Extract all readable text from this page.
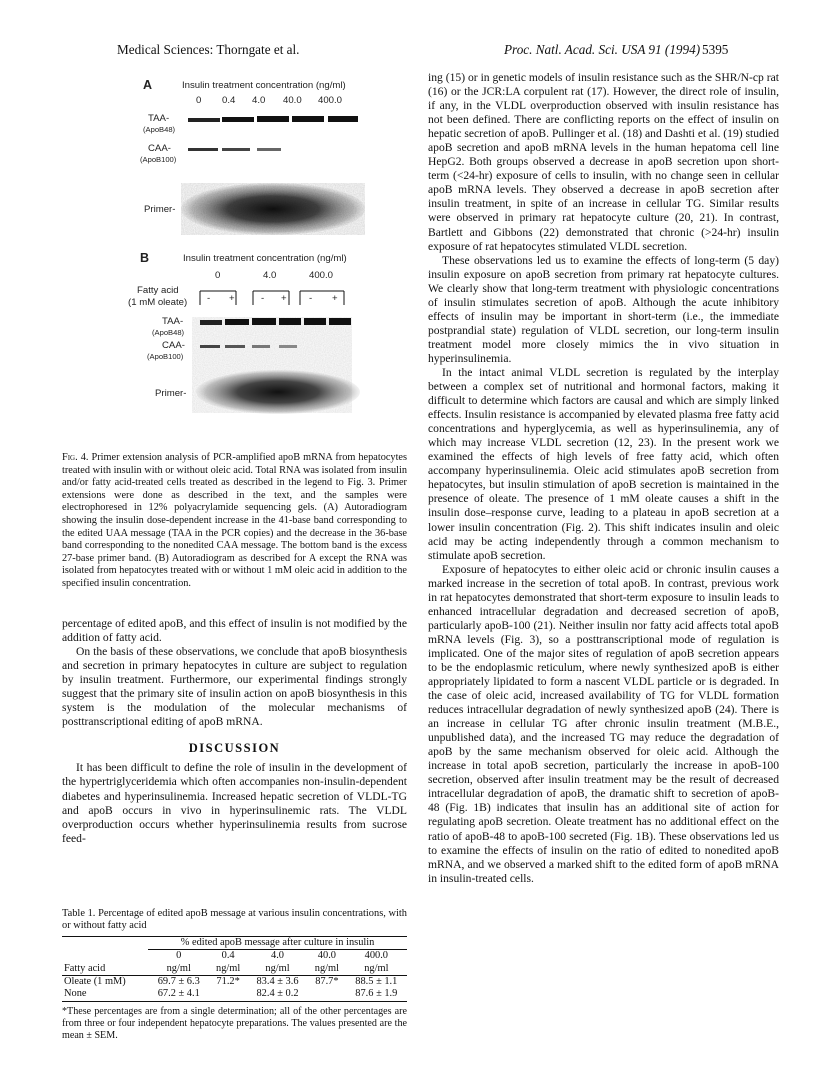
Medical Sciences: Thorngate et al.	Proc. Natl. Acad. Sci. USA 91 (1994) 5395
A	Insulin treatment concentration (ng/ml)
0 0.4 4.0 40.0 400.0
TAA-
(ApoB48)
CAA-
(ApoB100)
Primer-
B	Insulin treatment concentration (ng/ml)
0	4.0	400.0
Fatty acid
(1 mM oleate) - +	- + - +
TAA-
(ApoB48)
CAA-
(ApoB100)
Primer-
Fig. 4. Primer extension analysis of PCR-amplified apoB mRNA from hepatocytes treated with insulin with or without oleic acid. Total RNA was isolated from insulin and/or fatty acid-treated cells treated as described in the legend to Fig. 3. Primer extensions were done as described in the text, and the samples were electrophoresed in 12% polyacrylamide sequencing gels. (A) Autoradiogram showing the insulin dose-dependent increase in the 41-base band corresponding to the edited UAA message (TAA in the PCR copies) and the decrease in the 36-base band corresponding to the nonedited CAA message. The bottom band is the excess 27-base primer band. (B) Autoradiogram as described for A except the RNA was isolated from hepatocytes treated with or without 1 mM oleic acid in addition to the specified insulin concentration.

percentage of edited apoB, and this effect of insulin is not modified by the addition of fatty acid.

On the basis of these observations, we conclude that apoB biosynthesis and secretion in primary hepatocytes in culture are subject to regulation by insulin treatment. Furthermore, our experimental findings strongly suggest that the primary site of insulin action on apoB biosynthesis in this system is the modulation of the molecular mechanisms of posttranscriptional editing of apoB mRNA.

DISCUSSION

It has been difficult to define the role of insulin in the development of the hypertriglyceridemia which often accompanies non-insulin-dependent diabetes and hyperinsulinemia. Increased hepatic secretion of VLDL-TG and apoB occurs in vivo in hyperinsulinemic rats. The VLDL overproduction occurs whether hyperinsulinemia results from sucrose feed-

Table 1. Percentage of edited apoB message at various insulin concentrations, with or without fatty acid
	% edited apoB message after culture in insulin				
	0	0.4	4.0	40.0	400.0
Fatty acid	ng/ml	ng/ml	ng/ml	ng/ml	ng/ml
Oleate (1 mM)	69.7 ± 6.3	71.2*	83.4 ± 3.6	87.7*	88.5 ± 1.1
None	67.2 ± 4.1		82.4 ± 0.2		87.6 ± 1.9
*These percentages are from a single determination; all of the other percentages are from three or four independent hepatocyte preparations. The values presented are the mean ± SEM.

ing (15) or in genetic models of insulin resistance such as the SHR/N-cp rat (16) or the JCR:LA corpulent rat (17). However, the direct role of insulin, if any, in the VLDL overproduction observed with insulin resistance has not been defined. There are conflicting reports on the effect of insulin on hepatic secretion of apoB. Pullinger et al. (18) and Dashti et al. (19) studied apoB secretion and apoB mRNA levels in the human hepatoma cell line HepG2. Both groups observed a decrease in apoB secretion upon short-term (<24-hr) exposure of cells to insulin, with no change seen in cellular apoB mRNA levels. They observed a decrease in apoB secretion after insulin treatment, in spite of an increase in cellular TG. Similar results were observed in primary rat hepatocyte culture (20, 21). In contrast, Bartlett and Gibbons (22) demonstrated that chronic (>24-hr) insulin exposure of rat hepatocytes stimulated VLDL secretion.

These observations led us to examine the effects of long-term (5 day) insulin exposure on apoB secretion from primary rat hepatocyte cultures. We clearly show that long-term treatment with physiologic concentrations of insulin stimulates secretion of apoB. Although the acute inhibitory effects of insulin may be important in short-term (i.e., the immediate postprandial state) regulation of VLDL secretion, our long-term insulin treatment model more closely mimics the in vivo situation in hyperinsulinemia.

In the intact animal VLDL secretion is regulated by the interplay between a complex set of nutritional and hormonal factors, making it difficult to determine which factors are causal and which are simply linked effects. Insulin resistance is accompanied by elevated plasma free fatty acid concentrations and hyperglycemia, as well as hyperinsulinemia, any of which may increase VLDL secretion (12, 23). In the present work we examined the effects of high levels of free fatty acid, which often accompany hyperinsulinemia. Oleic acid stimulates apoB secretion from hepatocytes, but insulin stimulation of apoB secretion is maintained in the presence of oleate. The presence of 1 mM oleate causes a shift in the insulin dose–response curve, leading to a plateau in apoB secretion at a lower insulin concentration (Fig. 2). This shift indicates insulin and oleic acid may be acting independently through a common mechanism to stimulate apoB secretion.

Exposure of hepatocytes to either oleic acid or chronic insulin causes a marked increase in the secretion of total apoB. In contrast, previous work in rat hepatocytes demonstrated that short-term exposure to insulin leads to enhanced intracellular degradation and decreased secretion of apoB, particularly apoB-100 (21). Neither insulin nor fatty acid affects total apoB mRNA levels (Fig. 3), so a posttranscriptional mode of regulation is implicated. One of the major sites of regulation of apoB secretion appears to be the endoplasmic reticulum, where newly synthesized apoB is either appropriately lipidated to form a nascent VLDL particle or is degraded. In the case of oleic acid, increased availability of TG for VLDL formation reduces intracellular degradation of newly synthesized apoB (24). There is an increase in cellular TG after chronic insulin treatment (M.B.E., unpublished data), and the increased TG may reduce the degradation of apoB by the same mechanism observed for oleic acid. Although the increase in total apoB secretion, particularly the increase in apoB-100 secretion, observed after insulin treatment may be the result of decreased intracellular degradation of apoB, the dramatic shift to secretion of apoB-48 (Fig. 1B) indicates that insulin has an additional site of action for regulating apoB secretion. Oleate treatment has no additional effect on the ratio of apoB-48 to apoB-100 secreted (Fig. 1B). These observations led us to examine the effects of insulin on the ratio of edited to nonedited apoB mRNA, and we observed a marked shift to the edited form of apoB mRNA in insulin-treated cells.
